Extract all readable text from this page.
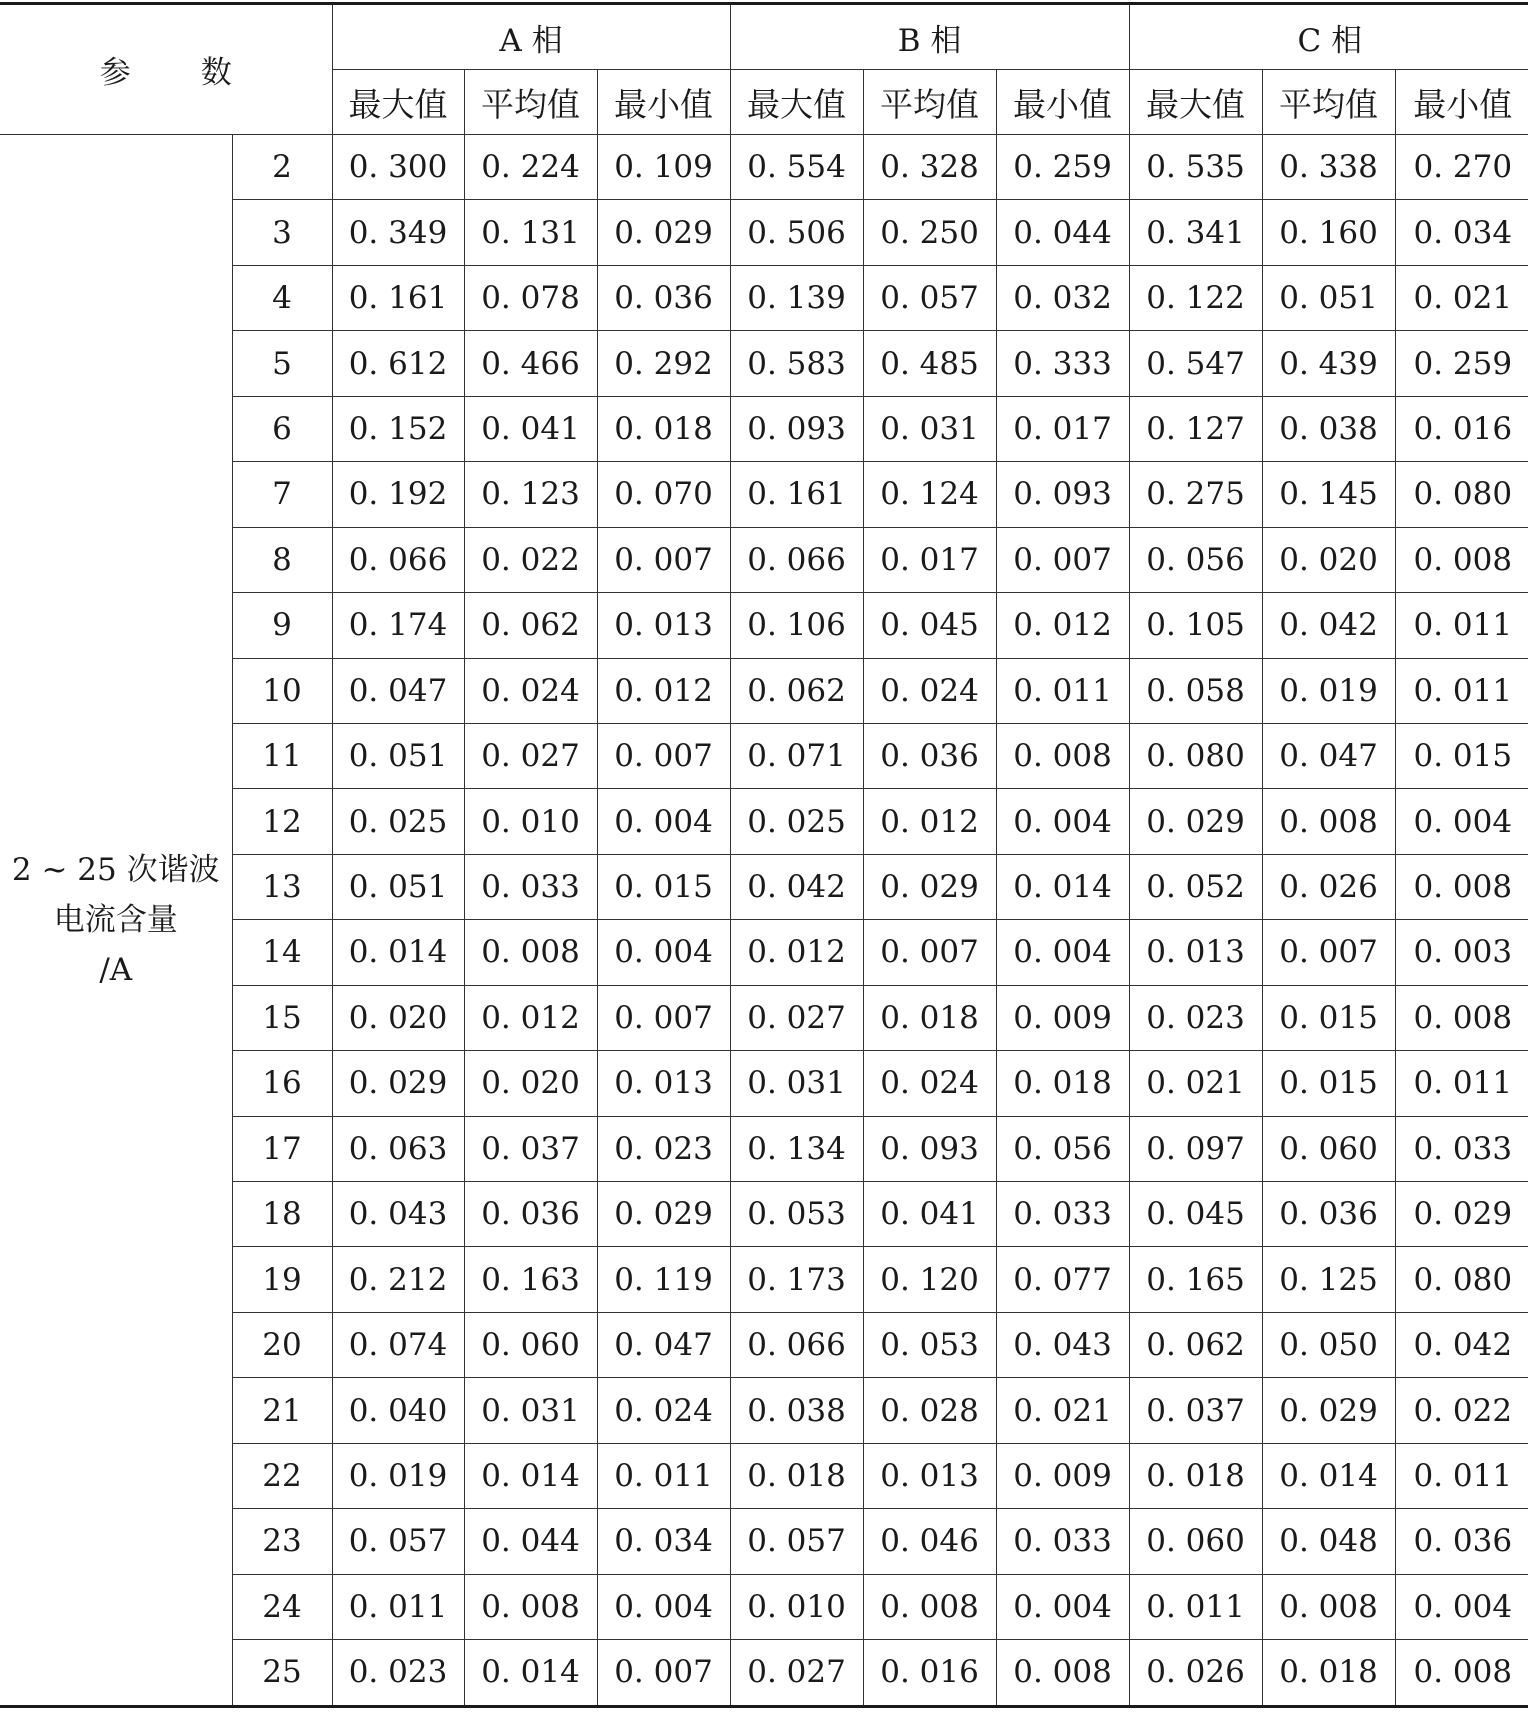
参 数		A 相			B 相			C 相		
		最大值	平均值	最小值	最大值	平均值	最小值	最大值	平均值	最小值

2 ~ 25 次谐波
电流含量
/A	2	0. 300	0. 224	0. 109	0. 554	0. 328	0. 259	0. 535	0. 338	0. 270
	3	0. 349	0. 131	0. 029	0. 506	0. 250	0. 044	0. 341	0. 160	0. 034
	4	0. 161	0. 078	0. 036	0. 139	0. 057	0. 032	0. 122	0. 051	0. 021
	5	0. 612	0. 466	0. 292	0. 583	0. 485	0. 333	0. 547	0. 439	0. 259
	6	0. 152	0. 041	0. 018	0. 093	0. 031	0. 017	0. 127	0. 038	0. 016
	7	0. 192	0. 123	0. 070	0. 161	0. 124	0. 093	0. 275	0. 145	0. 080
	8	0. 066	0. 022	0. 007	0. 066	0. 017	0. 007	0. 056	0. 020	0. 008
	9	0. 174	0. 062	0. 013	0. 106	0. 045	0. 012	0. 105	0. 042	0. 011
	10	0. 047	0. 024	0. 012	0. 062	0. 024	0. 011	0. 058	0. 019	0. 011
	11	0. 051	0. 027	0. 007	0. 071	0. 036	0. 008	0. 080	0. 047	0. 015
	12	0. 025	0. 010	0. 004	0. 025	0. 012	0. 004	0. 029	0. 008	0. 004
	13	0. 051	0. 033	0. 015	0. 042	0. 029	0. 014	0. 052	0. 026	0. 008
	14	0. 014	0. 008	0. 004	0. 012	0. 007	0. 004	0. 013	0. 007	0. 003
	15	0. 020	0. 012	0. 007	0. 027	0. 018	0. 009	0. 023	0. 015	0. 008
	16	0. 029	0. 020	0. 013	0. 031	0. 024	0. 018	0. 021	0. 015	0. 011
	17	0. 063	0. 037	0. 023	0. 134	0. 093	0. 056	0. 097	0. 060	0. 033
	18	0. 043	0. 036	0. 029	0. 053	0. 041	0. 033	0. 045	0. 036	0. 029
	19	0. 212	0. 163	0. 119	0. 173	0. 120	0. 077	0. 165	0. 125	0. 080
	20	0. 074	0. 060	0. 047	0. 066	0. 053	0. 043	0. 062	0. 050	0. 042
	21	0. 040	0. 031	0. 024	0. 038	0. 028	0. 021	0. 037	0. 029	0. 022
	22	0. 019	0. 014	0. 011	0. 018	0. 013	0. 009	0. 018	0. 014	0. 011
	23	0. 057	0. 044	0. 034	0. 057	0. 046	0. 033	0. 060	0. 048	0. 036
	24	0. 011	0. 008	0. 004	0. 010	0. 008	0. 004	0. 011	0. 008	0. 004
	25	0. 023	0. 014	0. 007	0. 027	0. 016	0. 008	0. 026	0. 018	0. 008
